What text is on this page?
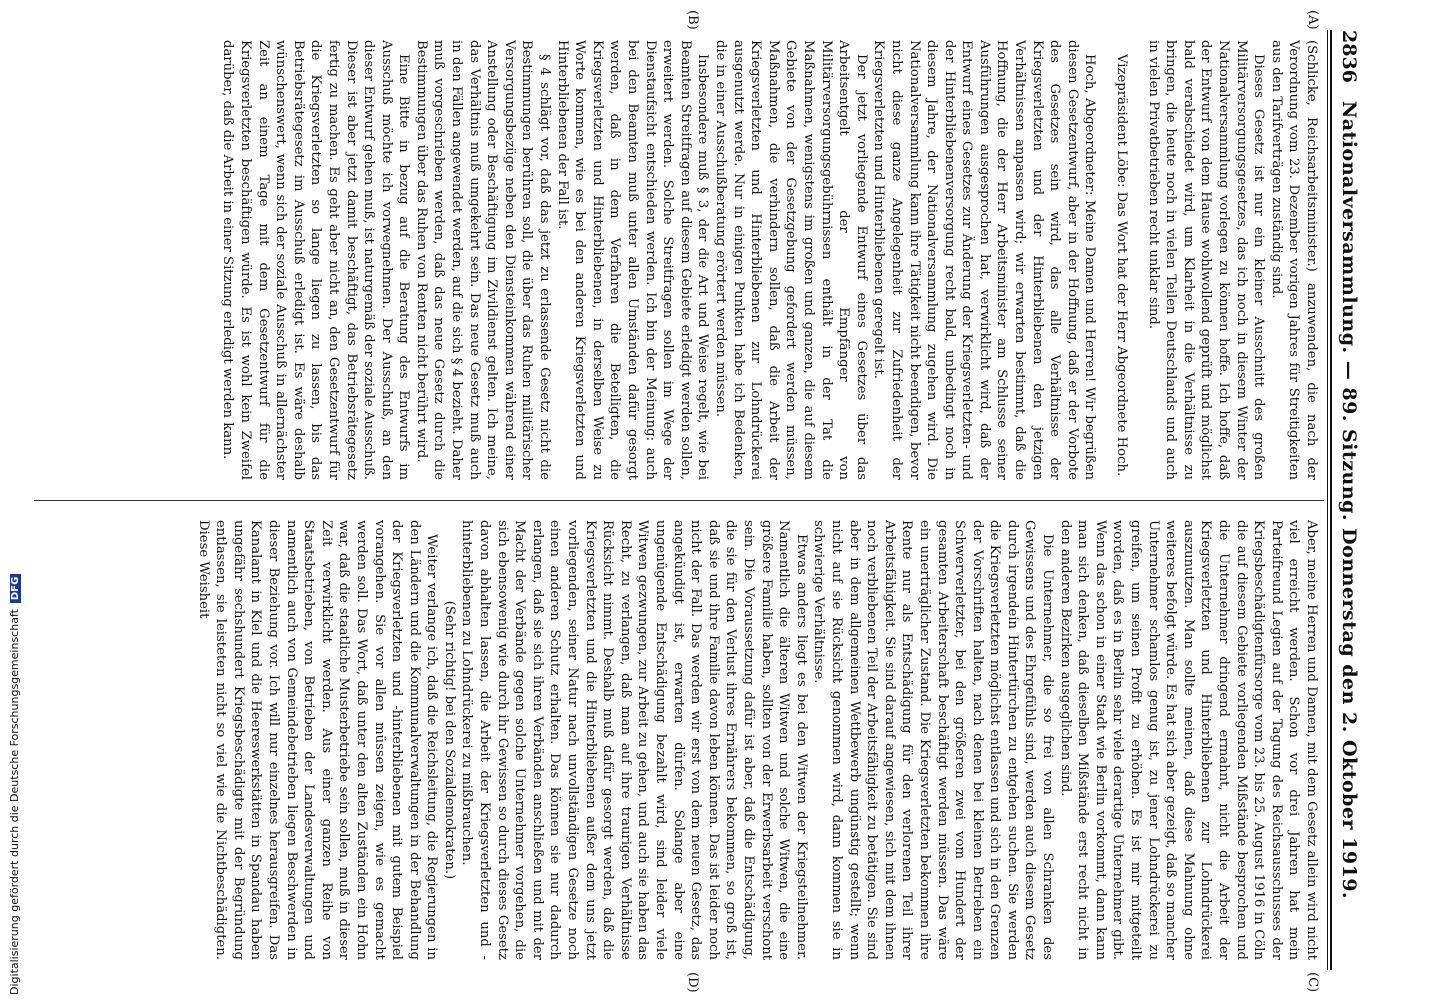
2836
Nationalversammlung. — 89. Sitzung. Donnerstag den 2. Oktober 1919.
(A)
(B)
(C)
(D)

(Schlicke, Reichsarbeitsminister.) anzuwenden, die nach der Verordnung vom 23. Dezember vorigen Jahres für Streitigkeiten aus den Tarifverträgen zuständig sind.

Dieses Gesetz ist nur ein kleiner Ausschnitt des großen Militärversorgungsgesetzes, das ich noch in diesem Winter der Nationalversammlung vorlegen zu können hoffe. Ich hoffe, daß der Entwurf von dem Hause wohlwollend geprüft und möglichst bald verabschiedet wird, um Klarheit in die Verhältnisse zu bringen, die heute noch in vielen Teilen Deutschlands und auch in vielen Privatbetrieben recht unklar sind.

Vizepräsident Löbe: Das Wort hat der Herr Abgeordnete Hoch.

Hoch, Abgeordneter: Meine Damen und Herren! Wir begrüßen diesen Gesetzentwurf, aber in der Hoffnung, daß er der Vorbote des Gesetzes sein wird, das alle Verhältnisse der Kriegsverletzten und der Hinterbliebenen den jetzigen Verhältnissen anpassen wird; wir erwarten bestimmt, daß die Hoffnung, die der Herr Arbeitsminister am Schlusse seiner Ausführungen ausgesprochen hat, verwirklicht wird, daß der Entwurf eines Gesetzes zur Änderung der Kriegsverletzten- und der Hinterbliebenenversorgung recht bald, unbedingt noch in diesem Jahre, der Nationalversammlung zugehen wird. Die Nationalversammlung kann ihre Tätigkeit nicht beendigen, bevor nicht diese ganze Angelegenheit zur Zufriedenheit der Kriegsverletzten und Hinterbliebenen geregelt ist.

Der jetzt vorliegende Entwurf eines Gesetzes über das Arbeitsentgelt der Empfänger von Militärversorgungsgebührnissen enthält in der Tat die Maßnahmen, wenigstens im großen und ganzen, die auf diesem Gebiete von der Gesetzgebung gefordert werden müssen, Maßnahmen, die verhindern sollen, daß die Arbeit der Kriegsverletzten und Hinterbliebenen zur Lohndrückerei ausgenutzt werde. Nur in einigen Punkten habe ich Bedenken, die in einer Ausschußberatung erörtert werden müssen.

Insbesondere muß § 3, der die Art und Weise regelt, wie bei Beamten Streitfragen auf diesem Gebiete erledigt werden sollen, erweitert werden. Solche Streitfragen sollen im Wege der Dienstaufsicht entschieden werden. Ich bin der Meinung: auch bei den Beamten muß unter allen Umständen dafür gesorgt werden, daß in dem Verfahren die Beteiligten, die Kriegsverletzten und Hinterbliebenen, in derselben Weise zu Worte kommen, wie es bei den anderen Kriegsverletzten und Hinterbliebenen der Fall ist.

§ 4 schlägt vor, daß das jetzt zu erlassende Gesetz nicht die Bestimmungen berühren soll, die über das Ruhen militärischer Versorgungsbezüge neben den Diensteinkommen während einer Anstellung oder Beschäftigung im Zivildienst gelten. Ich meine, das Verhältnis muß umgekehrt sein. Das neue Gesetz muß auch in den Fällen angewendet werden, auf die sich § 4 bezieht. Daher muß vorgeschrieben werden, daß das neue Gesetz durch die Bestimmungen über das Ruhen von Renten nicht berührt wird.

Eine Bitte in bezug auf die Beratung des Entwurfs im Ausschuß möchte ich vorwegnehmen. Der Ausschuß, an den dieser Entwurf gehen muß, ist naturgemäß der soziale Ausschuß. Dieser ist aber jetzt damit beschäftigt, das Betriebsrätegesetz fertig zu machen. Es geht aber nicht an, den Gesetzentwurf für die Kriegsverletzten so lange liegen zu lassen, bis das Betriebsrätegesetz im Ausschuß erledigt ist. Es wäre deshalb wünschenswert, wenn sich der soziale Ausschuß in allernächster Zeit an einem Tage mit dem Gesetzentwurf für die Kriegsverletzten beschäftigen würde. Es ist wohl kein Zweifel darüber, daß die Arbeit in einer Sitzung erledigt werden kann.

Aber, meine Herren und Damen, mit dem Gesetz allein wird nicht viel erreicht werden. Schon vor drei Jahren hat mein Parteifreund Legien auf der Tagung des Reichsausschusses der Kriegsbeschädigtenfürsorge vom 23. bis 25. August 1916 in Cöln die auf diesem Gebiete vorliegenden Mißstände besprochen und die Unternehmer dringend ermahnt, nicht die Arbeit der Kriegsverletzten und Hinterbliebenen zur Lohndrückerei auszunutzen. Man sollte meinen, daß diese Mahnung ohne weiteres befolgt würde. Es hat sich aber gezeigt, daß so mancher Unternehmer schamlos genug ist, zu jener Lohndrückerei zu greifen, um seinen Profit zu erhöhen. Es ist mir mitgeteilt worden, daß es in Berlin sehr viele derartige Unternehmer gibt. Wenn das schon in einer Stadt wie Berlin vorkommt, dann kann man sich denken, daß dieselben Mißstände erst recht nicht in den anderen Bezirken ausgeglichen sind.

Die Unternehmer, die so frei von allen Schranken des Gewissens und des Ehrgefühls sind, werden auch diesem Gesetz durch irgendein Hintertürchen zu entgehen suchen. Sie werden die Kriegsverletzten möglichst entlassen und sich in den Grenzen der Vorschriften halten, nach denen bei kleinen Betrieben ein Schwerverletzter, bei den größeren zwei vom Hundert der gesamten Arbeiterschaft beschäftigt werden müssen. Das wäre ein unerträglicher Zustand. Die Kriegsverletzten bekommen ihre Rente nur als Entschädigung für den verlorenen Teil ihrer Arbeitsfähigkeit. Sie sind darauf angewiesen, sich mit dem ihnen noch verbliebenen Teil der Arbeitsfähigkeit zu betätigen. Sie sind aber in dem allgemeinen Wettbewerb ungünstig gestellt; wenn nicht auf sie Rücksicht genommen wird, dann kommen sie in schwierige Verhältnisse.

Etwas anders liegt es bei den Witwen der Kriegsteilnehmer. Namentlich die älteren Witwen und solche Witwen, die eine größere Familie haben, sollten von der Erwerbsarbeit verschont sein. Die Voraussetzung dafür ist aber, daß die Entschädigung, die sie für den Verlust ihres Ernährers bekommen, so groß ist, daß sie und ihre Familie davon leben können. Das ist leider noch nicht der Fall. Das werden wir erst von dem neuen Gesetz, das angekündigt ist, erwarten dürfen. Solange aber eine ungenügende Entschädigung bezahlt wird, sind leider viele Witwen gezwungen, zur Arbeit zu gehen, und auch sie haben das Recht, zu verlangen, daß man auf ihre traurigen Verhältnisse Rücksicht nimmt. Deshalb muß dafür gesorgt werden, daß die Kriegsverletzten und die Hinterbliebenen außer dem uns jetzt vorliegenden, seiner Natur nach unvollständigen Gesetze noch einen anderen Schutz erhalten. Das können sie nur dadurch erlangen, daß sie sich ihren Verbänden anschließen und mit der Macht der Verbände gegen solche Unternehmer vorgehen, die sich ebensowenig wie durch ihr Gewissen so durch dieses Gesetz davon abhalten lassen, die Arbeit der Kriegsverletzten und -hinterbliebenen zu Lohndrückerei zu mißbrauchen.

(Sehr richtig! bei den Sozialdemokraten.)

Weiter verlange ich, daß die Reichsleitung, die Regierungen in den Ländern und die Kommunalverwaltungen in der Behandlung der Kriegsverletzten und -hinterbliebenen mit gutem Beispiel vorangehen. Sie vor allen müssen zeigen, wie es gemacht werden soll. Das Wort, daß unter den alten Zuständen ein Hohn war, daß die staatliche Musterbetriebe sein sollen, muß in dieser Zeit verwirklicht werden. Aus einer ganzen Reihe von Staatsbetrieben, von Betrieben der Landesverwaltungen und namentlich auch von Gemeindebetrieben liegen Beschwerden in dieser Beziehung vor. Ich will nur einzelnes herausgreifen. Das Kanalamt in Kiel und die Heereswerkstätten in Spandau haben ungefähr sechshundert Kriegsbeschädigte mit der Begründung entlassen, sie leisteten nicht so viel wie die Nichtbeschädigten. Diese Weisheit

Digitalisierung gefördert durch die Deutsche ForschungsgemeinschaftDFG
